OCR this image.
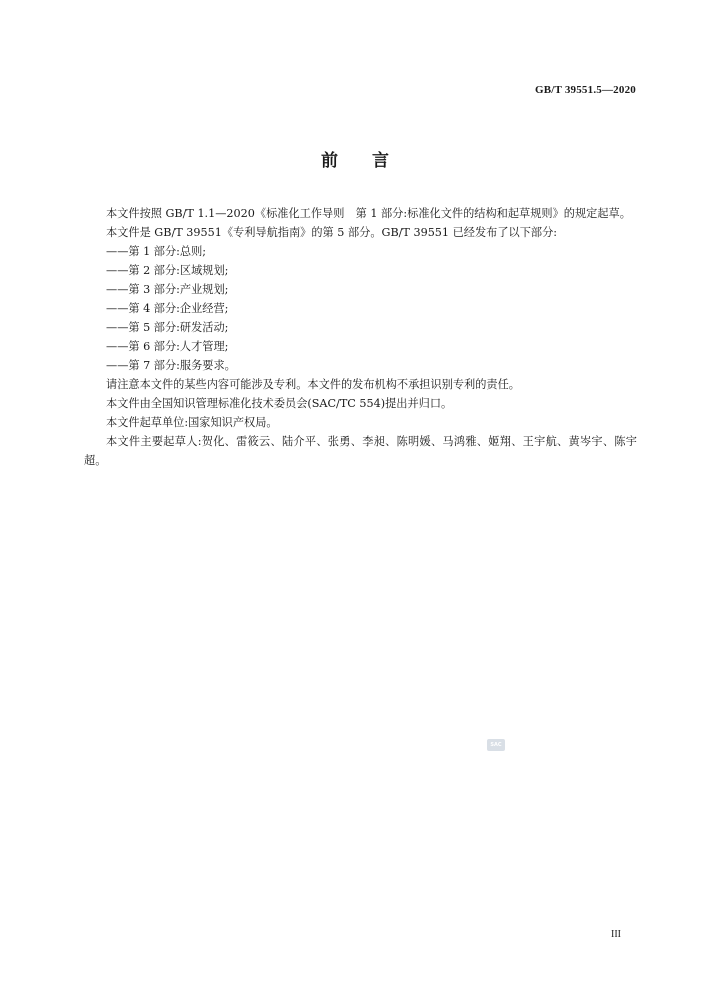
GB/T 39551.5—2020
前 言

本文件按照 GB/T 1.1—2020《标准化工作导则　第 1 部分:标准化文件的结构和起草规则》的规定起草。

本文件是 GB/T 39551《专利导航指南》的第 5 部分。GB/T 39551 已经发布了以下部分:

——第 1 部分:总则;

——第 2 部分:区域规划;

——第 3 部分:产业规划;

——第 4 部分:企业经营;

——第 5 部分:研发活动;

——第 6 部分:人才管理;

——第 7 部分:服务要求。

请注意本文件的某些内容可能涉及专利。本文件的发布机构不承担识别专利的责任。

本文件由全国知识管理标准化技术委员会(SAC/TC 554)提出并归口。

本文件起草单位:国家知识产权局。

本文件主要起草人:贺化、雷筱云、陆介平、张勇、李昶、陈明媛、马鸿雅、姬翔、王宇航、黄岑宇、陈宇超。

SAC
III
